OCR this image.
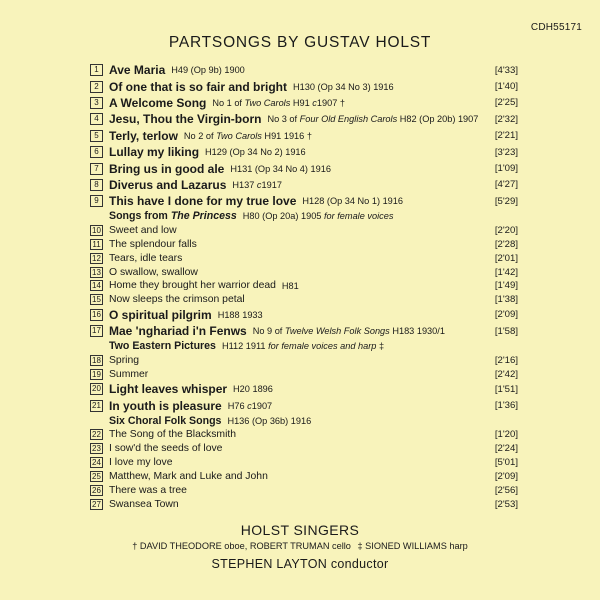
CDH55171
PARTSONGS BY GUSTAV HOLST
1 Ave Maria H49 (Op 9b) 1900	[4'33]
2 Of one that is so fair and bright H130 (Op 34 No 3) 1916	[1'40]
3 A Welcome Song No 1 of Two Carols H91 c1907 †	[2'25]
4 Jesu, Thou the Virgin-born No 3 of Four Old English Carols H82 (Op 20b) 1907 [2'32]
5 Terly, terlow No 2 of Two Carols H91 1916 †	[2'21]
6 Lullay my liking H129 (Op 34 No 2) 1916	[3'23]
7 Bring us in good ale H131 (Op 34 No 4) 1916	[1'09]
8 Diverus and Lazarus H137 c1917	[4'27]
9 This have I done for my true love H128 (Op 34 No 1) 1916	[5'29]
Songs from The Princess H80 (Op 20a) 1905 for female voices
10 Sweet and low	[2'20]
11 The splendour falls	[2'28]
12 Tears, idle tears	[2'01]
13 O swallow, swallow	[1'42]
14 Home they brought her warrior dead H81	[1'49]
15 Now sleeps the crimson petal	[1'38]
16 O spiritual pilgrim H188 1933	[2'09]
17 Mae 'nghariad i'n Fenws No 9 of Twelve Welsh Folk Songs H183 1930/1	[1'58]
Two Eastern Pictures H112 1911 for female voices and harp ‡
18 Spring	[2'16]
19 Summer	[2'42]
20 Light leaves whisper H20 1896	[1'51]
21 In youth is pleasure H76 c1907	[1'36]
Six Choral Folk Songs H136 (Op 36b) 1916
22 The Song of the Blacksmith	[1'20]
23 I sow'd the seeds of love	[2'24]
24 I love my love	[5'01]
25 Matthew, Mark and Luke and John	[2'09]
26 There was a tree	[2'56]
27 Swansea Town	[2'53]
HOLST SINGERS
† DAVID THEODORE oboe, ROBERT TRUMAN cello ‡ SIONED WILLIAMS harp
STEPHEN LAYTON conductor
